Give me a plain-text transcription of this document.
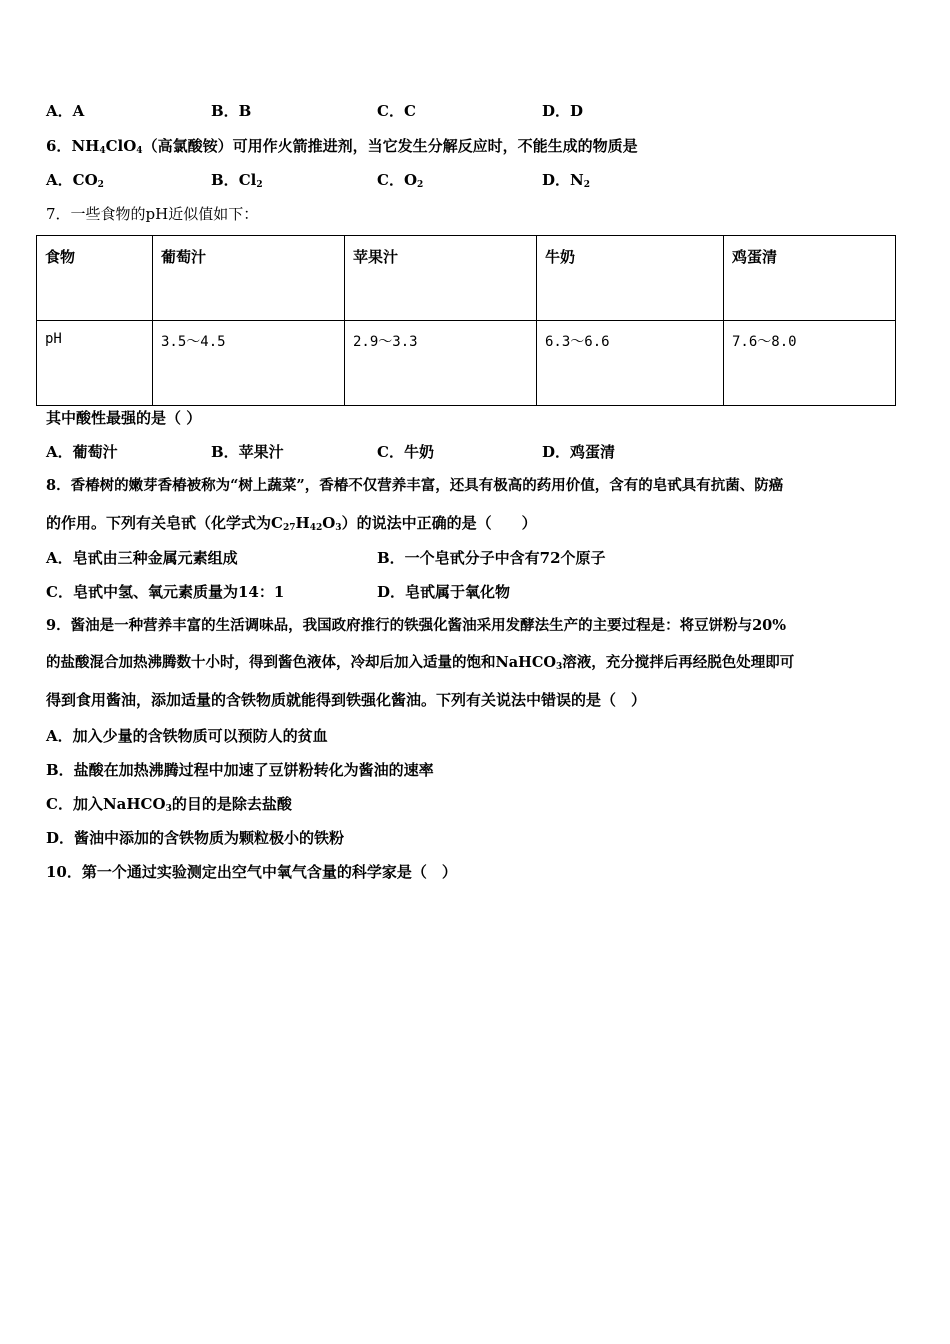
A．A	B．B	C．C	D．D
6．$NH_4ClO_4$（高氯酸铵）可用作火箭推进剂，当它发生分解反应时，不能生成的物质是
A．$CO_2$	B．$Cl_2$	C．$O_2$	D．$N_2$
7．一些食物的pH近似值如下：
食物	葡萄汁	苹果汁	牛奶	鸡蛋清
pH	3.5～4.5	2.9～3.3	6.3～6.6	7.6～8.0
其中酸性最强的是（ ）
A．葡萄汁	B．苹果汁	C．牛奶	D．鸡蛋清
8．香椿树的嫩芽香椿被称为“树上蔬菜”，香椿不仅营养丰富，还具有极高的药用价值，含有的皂甙具有抗菌、防癌
的作用。下列有关皂甙（化学式为$C_{27}H_{42}O_3$）的说法中正确的是（　　）
A．皂甙由三种金属元素组成	B．一个皂甙分子中含有72个原子
C．皂甙中氢、氧元素质量为14：1	D．皂甙属于氧化物
9．酱油是一种营养丰富的生活调味品，我国政府推行的铁强化酱油采用发酵法生产的主要过程是：将豆饼粉与20%
的盐酸混合加热沸腾数十小时，得到酱色液体，冷却后加入适量的饱和NaHCO$_3$溶液，充分搅拌后再经脱色处理即可
得到食用酱油，添加适量的含铁物质就能得到铁强化酱油。下列有关说法中错误的是（　）
A．加入少量的含铁物质可以预防人的贫血
B．盐酸在加热沸腾过程中加速了豆饼粉转化为酱油的速率
C．加入NaHCO$_3$的目的是除去盐酸
D．酱油中添加的含铁物质为颗粒极小的铁粉
10．第一个通过实验测定出空气中氧气含量的科学家是（　）
